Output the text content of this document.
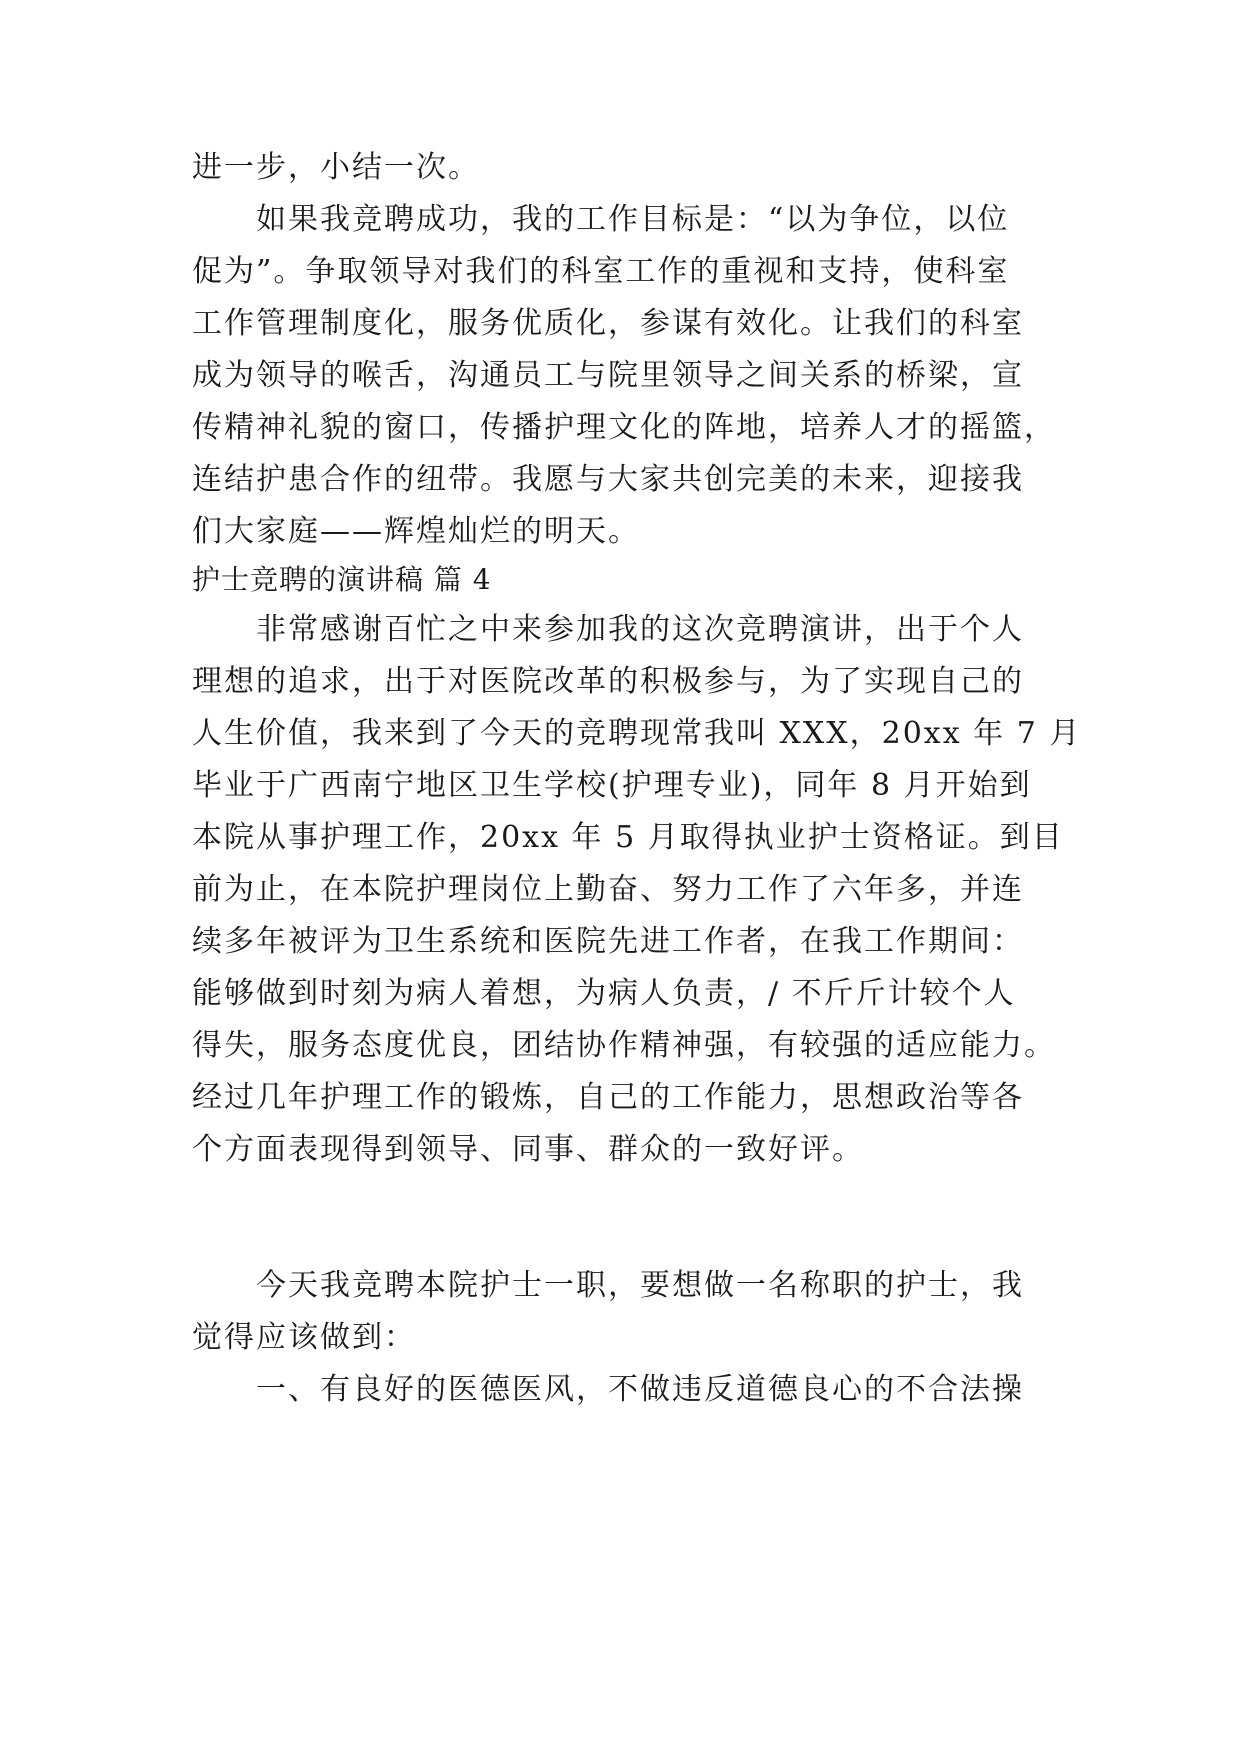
进一步，小结一次。
如果我竞聘成功，我的工作目标是：“以为争位，以位
促为”。争取领导对我们的科室工作的重视和支持，使科室
工作管理制度化，服务优质化，参谋有效化。让我们的科室
成为领导的喉舌，沟通员工与院里领导之间关系的桥梁，宣
传精神礼貌的窗口，传播护理文化的阵地，培养人才的摇篮，
连结护患合作的纽带。我愿与大家共创完美的未来，迎接我
们大家庭——辉煌灿烂的明天。
护士竞聘的演讲稿 篇 4
非常感谢百忙之中来参加我的这次竞聘演讲，出于个人
理想的追求，出于对医院改革的积极参与，为了实现自己的
人生价值，我来到了今天的竞聘现常我叫 XXX，20xx 年 7 月
毕业于广西南宁地区卫生学校(护理专业)，同年 8 月开始到
本院从事护理工作，20xx 年 5 月取得执业护士资格证。到目
前为止，在本院护理岗位上勤奋、努力工作了六年多，并连
续多年被评为卫生系统和医院先进工作者，在我工作期间：
能够做到时刻为病人着想，为病人负责，/ 不斤斤计较个人
得失，服务态度优良，团结协作精神强，有较强的适应能力。
经过几年护理工作的锻炼，自己的工作能力，思想政治等各
个方面表现得到领导、同事、群众的一致好评。
今天我竞聘本院护士一职，要想做一名称职的护士，我
觉得应该做到：
一、有良好的医德医风，不做违反道德良心的不合法操
